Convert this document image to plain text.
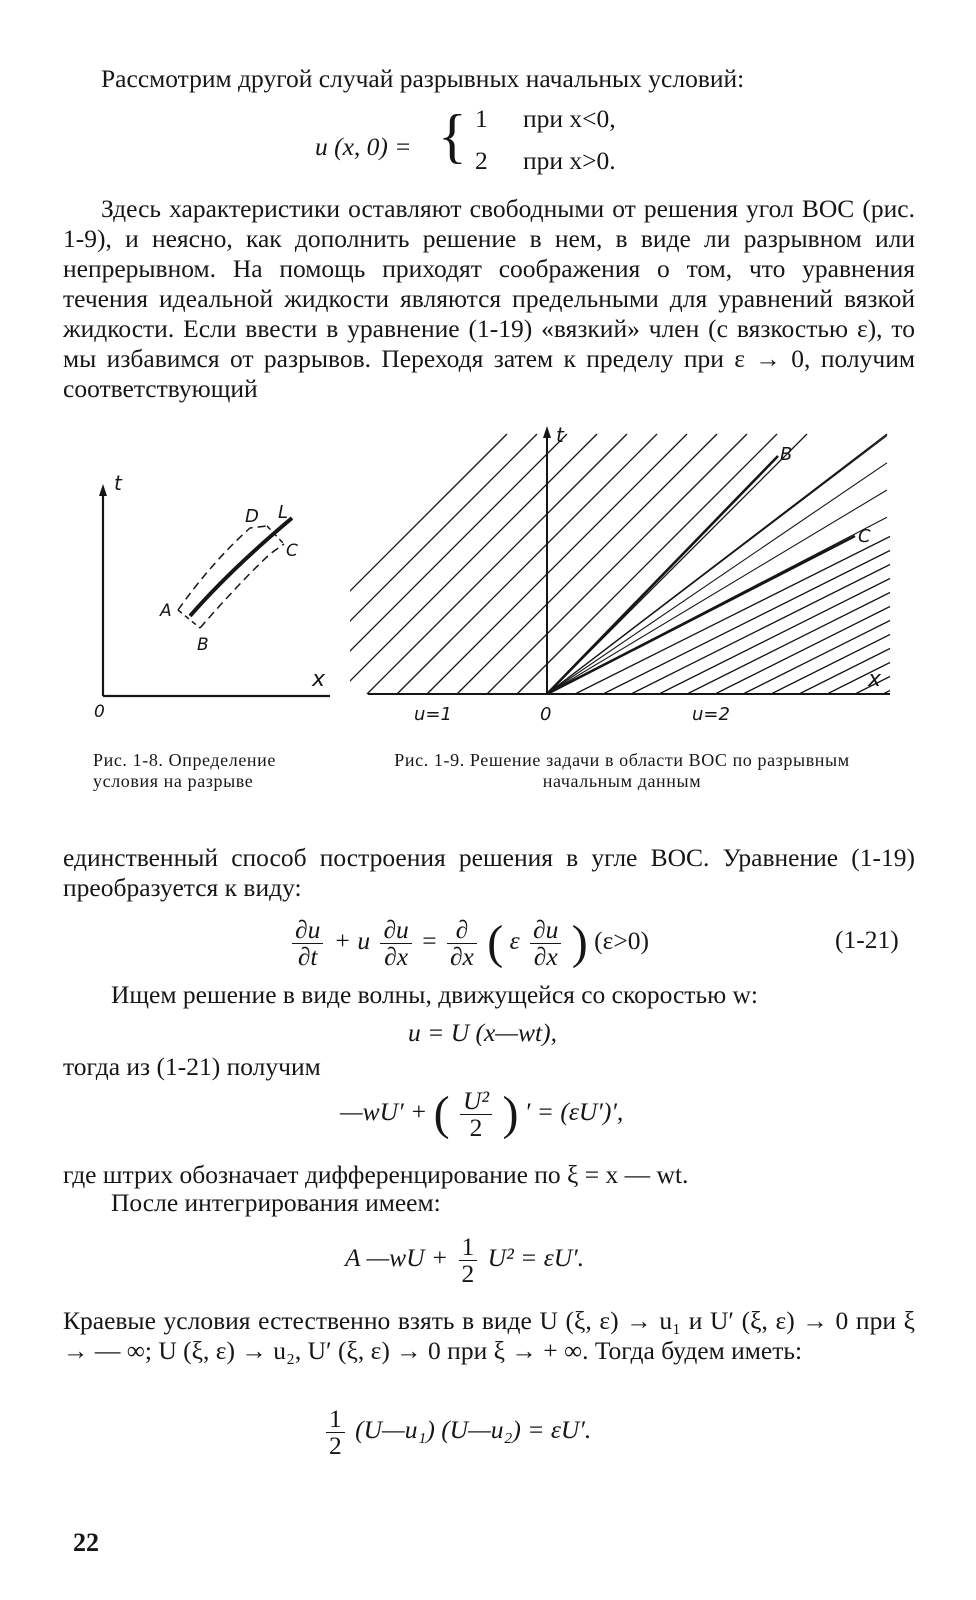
Рассмотрим другой случай разрывных начальных условий:
u (x, 0) = { 1 при x<0,
2 при x>0.
Здесь характеристики оставляют свободными от решения угол BOC (рис. 1-9), и неясно, как дополнить решение в нем, в виде ли разрывном или непрерывном. На помощь приходят соображения о том, что уравнения течения идеальной жидкости являются предельными для уравнений вязкой жидкости. Если ввести в уравнение (1-19) «вязкий» член (с вязкостью ε), то мы избавимся от разрывов. Переходя затем к пределу при ε → 0, получим соответствующий
t
x
0
A
B
C
D L
t
x
0
B
C
u=1	u=2
Рис. 1-8. Определение условия на разрыве
Рис. 1-9. Решение задачи в области BOC по разрывным начальным данным
единственный способ построения решения в угле BOC. Уравнение (1-19) преобразуется к виду:
$\frac{\partial u}{\partial t} + u \frac{\partial u}{\partial x} = \frac{\partial}{\partial x}$ ( ε $\frac{\partial u}{\partial x}$ ) (ε>0)	(1-21)
Ищем решение в виде волны, движущейся со скоростью w:
u = U (x—wt),
тогда из (1-21) получим
—wU′ + ( $\frac{\text{U²}}{2}$ ) ′ = (εU′)′,
где штрих обозначает дифференцирование по ξ = x — wt.
После интегрирования имеем:
A —wU + $\frac{1}{2} U^2 = \varepsilon U'$.
Краевые условия естественно взять в виде U (ξ, ε) → u₁ и U′ (ξ, ε) → 0 при ξ → — ∞; U (ξ, ε) → u₂, U′ (ξ, ε) → 0 при ξ → + ∞. Тогда будем иметь:
$\frac{1}{2}$ (U—u₁) (U—u₂) = εU′.
22
